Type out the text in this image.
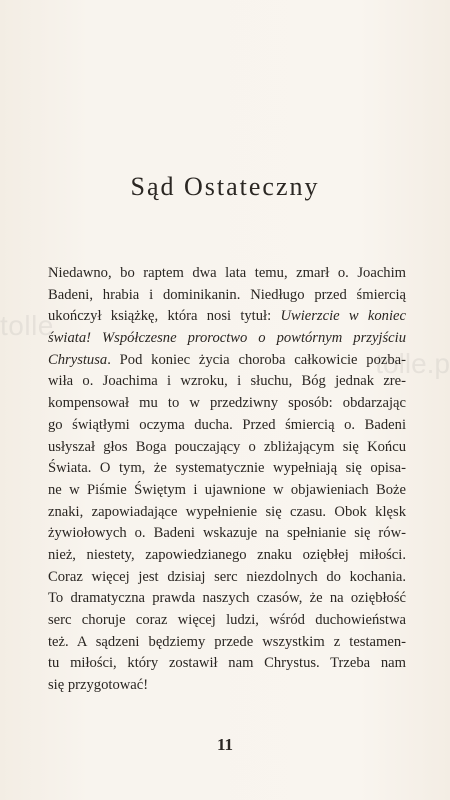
tolle
tolle.p
Sąd Ostateczny
Niedawno, bo raptem dwa lata temu, zmarł o. Joachim
Badeni, hrabia i dominikanin. Niedługo przed śmiercią
ukończył książkę, która nosi tytuł: Uwierzcie w koniec
świata! Współczesne proroctwo o powtórnym przyjściu
Chrystusa. Pod koniec życia choroba całkowicie pozba-
wiła o. Joachima i wzroku, i słuchu, Bóg jednak zre-
kompensował mu to w przedziwny sposób: obdarzając
go świątłymi oczyma ducha. Przed śmiercią o. Badeni
usłyszał głos Boga pouczający o zbliżającym się Końcu
Świata. O tym, że systematycznie wypełniają się opisa-
ne w Piśmie Świętym i ujawnione w objawieniach Boże
znaki, zapowiadające wypełnienie się czasu. Obok klęsk
żywiołowych o. Badeni wskazuje na spełnianie się rów-
nież, niestety, zapowiedzianego znaku oziębłej miłości.
Coraz więcej jest dzisiaj serc niezdolnych do kochania.
To dramatyczna prawda naszych czasów, że na oziębłość
serc choruje coraz więcej ludzi, wśród duchowieństwa
też. A sądzeni będziemy przede wszystkim z testamen-
tu miłości, który zostawił nam Chrystus. Trzeba nam
się przygotować!
11
